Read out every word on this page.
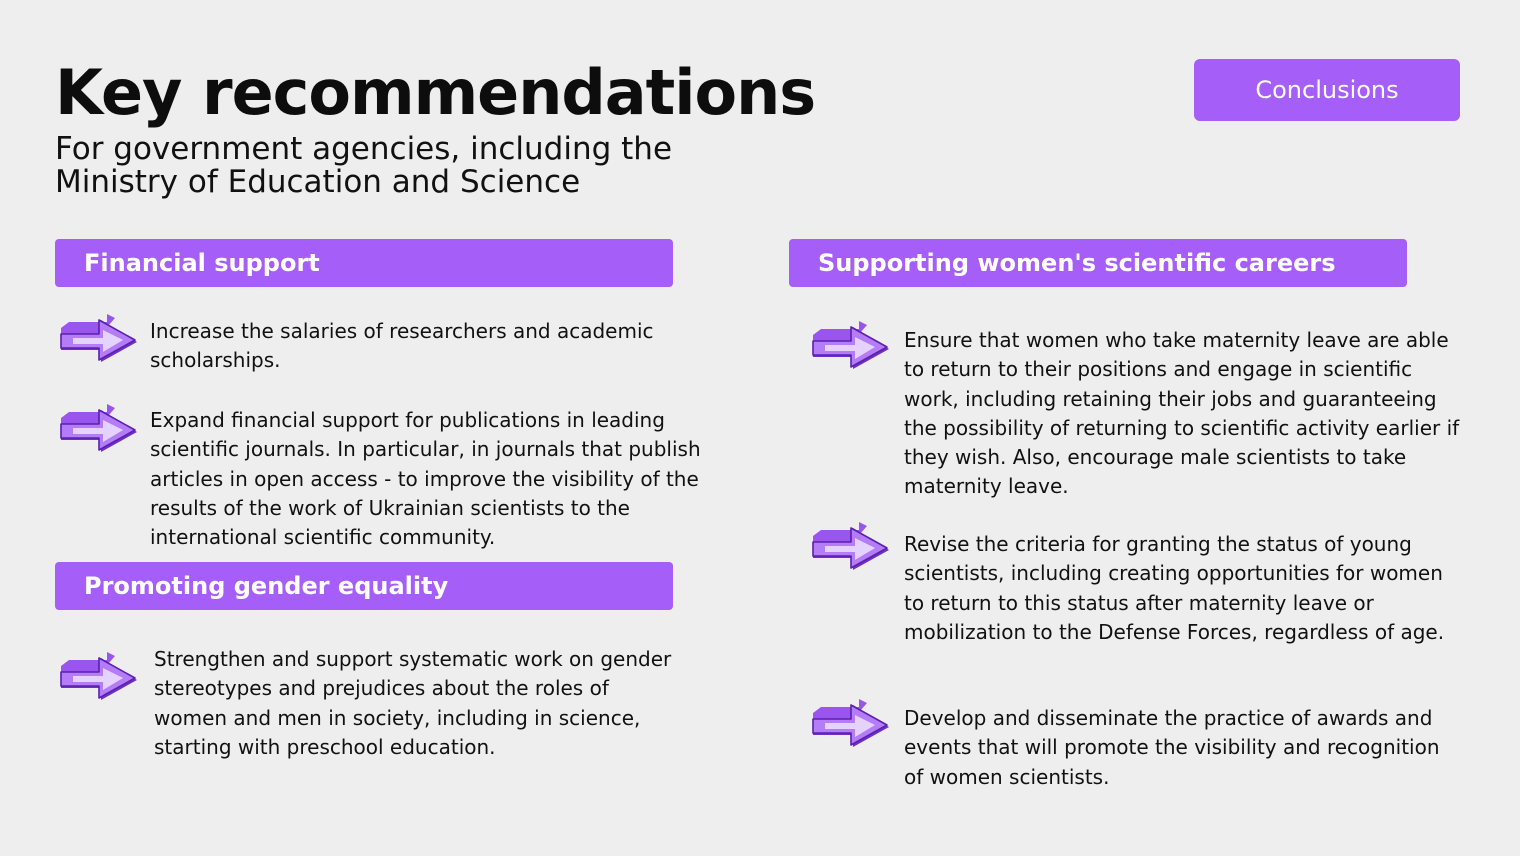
Key recommendations
For government agencies, including the Ministry of Education and Science
Conclusions
Financial support
Increase the salaries of researchers and academic scholarships.
Expand financial support for publications in leading scientific journals. In particular, in journals that publish articles in open access - to improve the visibility of the results of the work of Ukrainian scientists to the international scientific community.
Promoting gender equality
Strengthen and support systematic work on gender stereotypes and prejudices about the roles of women and men in society, including in science, starting with preschool education.
Supporting women's scientific careers
Ensure that women who take maternity leave are able to return to their positions and engage in scientific work, including retaining their jobs and guaranteeing the possibility of returning to scientific activity earlier if they wish. Also, encourage male scientists to take maternity leave.
Revise the criteria for granting the status of young scientists, including creating opportunities for women to return to this status after maternity leave or mobilization to the Defense Forces, regardless of age.
Develop and disseminate the practice of awards and events that will promote the visibility and recognition of women scientists.
